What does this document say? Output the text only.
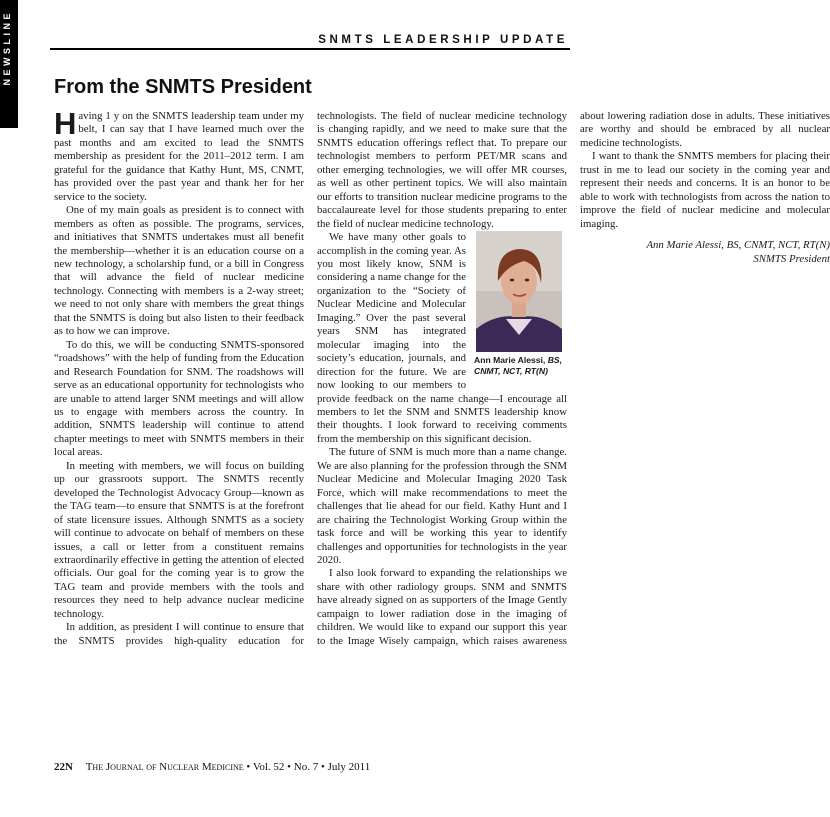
NEWSLINE	SNMTS LEADERSHIP UPDATE
From the SNMTS President

Having 1 y on the SNMTS leadership team under my belt, I can say that I have learned much over the past months and am excited to lead the SNMTS membership as president for the 2011–2012 term. I am grateful for the guidance that Kathy Hunt, MS, CNMT, has provided over the past year and thank her for her service to the society.

One of my main goals as president is to connect with members as often as possible. The programs, services, and initiatives that SNMTS undertakes must all benefit the membership—whether it is an education course on a new technology, a scholarship fund, or a bill in Congress that will advance the field of nuclear medicine technology. Connecting with members is a 2-way street; we need to not only share with members the great things that the SNMTS is doing but also listen to their feedback as to how we can improve.

To do this, we will be conducting SNMTS-sponsored “roadshows” with the help of funding from the Education and Research Foundation for SNM. The roadshows will serve as an educational opportunity for technologists who are unable to attend larger SNM meetings and will allow us to engage with members across the country. In addition, SNMTS leadership will continue to attend chapter meetings to meet with SNMTS members in their local areas.

In meeting with members, we will focus on building up our grassroots support. The SNMTS recently developed the Technologist Advocacy Group—known as the TAG team—to ensure that SNMTS is at the forefront of state licensure issues. Although SNMTS as a society will continue to advocate on behalf of members on these issues, a call or letter from a constituent remains extraordinarily effective in getting the attention of elected officials. Our goal for the coming year is to grow the TAG team and provide members with the tools and resources they need to help advance nuclear medicine technology.

In addition, as president I will continue to ensure that the SNMTS provides high-quality education for technologists. The field of nuclear medicine technology is changing rapidly, and we need to make sure that the SNMTS education offerings reflect that. To prepare our technologist members to perform PET/MR scans and other emerging technologies, we will offer MR courses, as well as other pertinent topics. We will also maintain our efforts to transition nuclear medicine programs to the baccalaureate level for those students preparing to enter the field of nuclear medicine technology.

Ann Marie Alessi, BS, CNMT, NCT, RT(N)
We have many other goals to accomplish in the coming year. As you most likely know, SNM is considering a name change for the organization to the “Society of Nuclear Medicine and Molecular Imaging.” Over the past several years SNM has integrated molecular imaging into the society’s education, journals, and direction for the future. We are now looking to our members to provide feedback on the name change—I encourage all members to let the SNM and SNMTS leadership know their thoughts. I look forward to receiving comments from the membership on this significant decision.

The future of SNM is much more than a name change. We are also planning for the profession through the SNM Nuclear Medicine and Molecular Imaging 2020 Task Force, which will make recommendations to meet the challenges that lie ahead for our field. Kathy Hunt and I are chairing the Technologist Working Group within the task force and will be working this year to identify challenges and opportunities for technologists in the year 2020.

I also look forward to expanding the relationships we share with other radiology groups. SNM and SNMTS have already signed on as supporters of the Image Gently campaign to lower radiation dose in the imaging of children. We would like to expand our support this year to the Image Wisely campaign, which raises awareness about lowering radiation dose in adults. These initiatives are worthy and should be embraced by all nuclear medicine technologists.

I want to thank the SNMTS members for placing their trust in me to lead our society in the coming year and represent their needs and concerns. It is an honor to be able to work with technologists from across the nation to improve the field of nuclear medicine and molecular imaging.

Ann Marie Alessi, BS, CNMT, NCT, RT(N)
SNMTS President

22N The Journal of Nuclear Medicine • Vol. 52 • No. 7 • July 2011
